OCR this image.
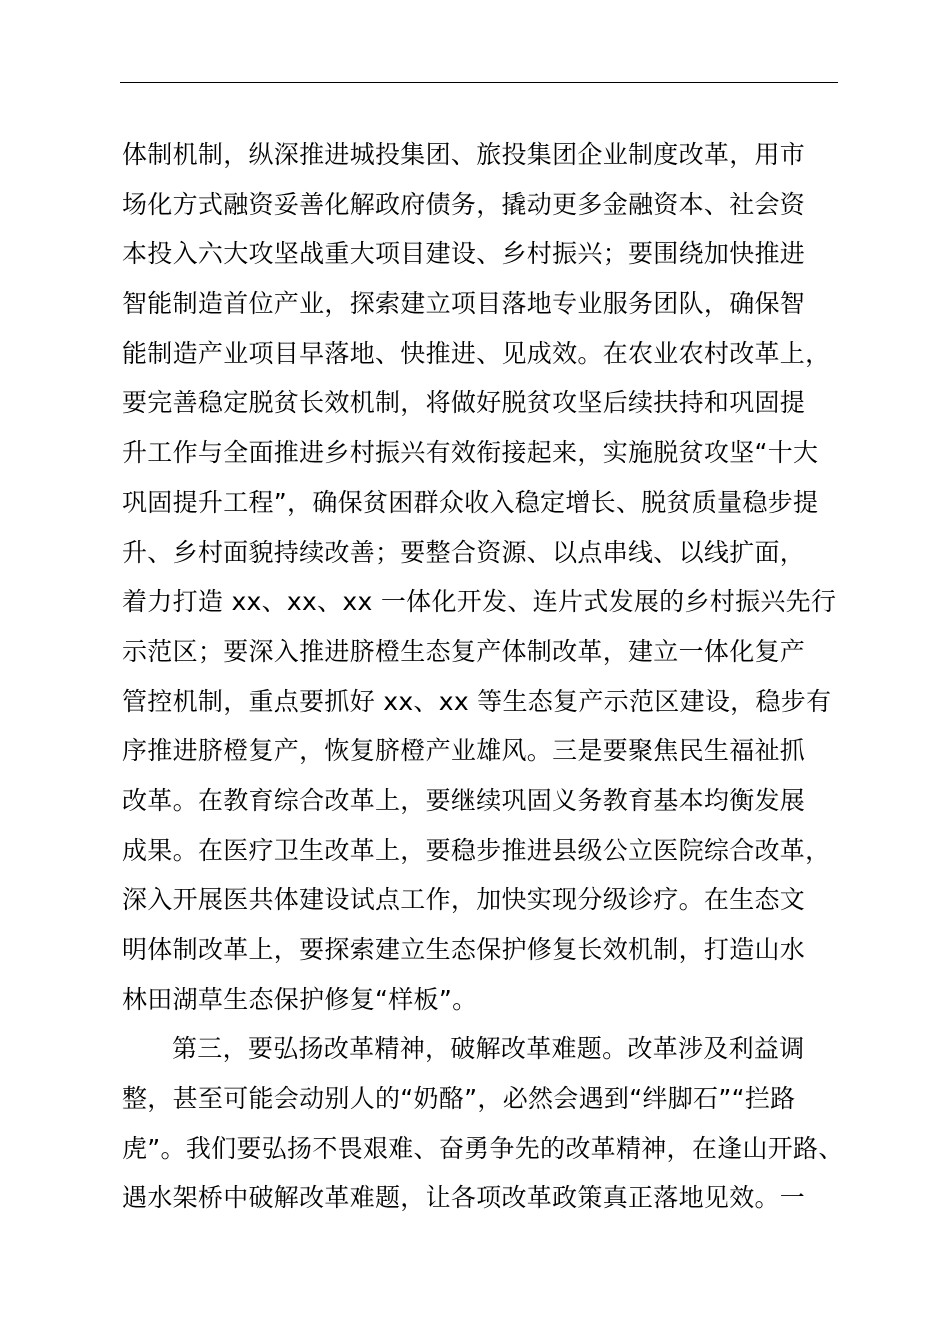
体制机制，纵深推进城投集团、旅投集团企业制度改革，用市
场化方式融资妥善化解政府债务，撬动更多金融资本、社会资
本投入六大攻坚战重大项目建设、乡村振兴；要围绕加快推进
智能制造首位产业，探索建立项目落地专业服务团队，确保智
能制造产业项目早落地、快推进、见成效。在农业农村改革上，
要完善稳定脱贫长效机制，将做好脱贫攻坚后续扶持和巩固提
升工作与全面推进乡村振兴有效衔接起来，实施脱贫攻坚“十大
巩固提升工程”，确保贫困群众收入稳定增长、脱贫质量稳步提
升、乡村面貌持续改善；要整合资源、以点串线、以线扩面，
着力打造 xx、xx、xx 一体化开发、连片式发展的乡村振兴先行
示范区；要深入推进脐橙生态复产体制改革，建立一体化复产
管控机制，重点要抓好 xx、xx 等生态复产示范区建设，稳步有
序推进脐橙复产，恢复脐橙产业雄风。三是要聚焦民生福祉抓
改革。在教育综合改革上，要继续巩固义务教育基本均衡发展
成果。在医疗卫生改革上，要稳步推进县级公立医院综合改革，
深入开展医共体建设试点工作，加快实现分级诊疗。在生态文
明体制改革上，要探索建立生态保护修复长效机制，打造山水
林田湖草生态保护修复“样板”。
第三，要弘扬改革精神，破解改革难题。改革涉及利益调
整，甚至可能会动别人的“奶酪”，必然会遇到“绊脚石”“拦路
虎”。我们要弘扬不畏艰难、奋勇争先的改革精神，在逢山开路、
遇水架桥中破解改革难题，让各项改革政策真正落地见效。一
